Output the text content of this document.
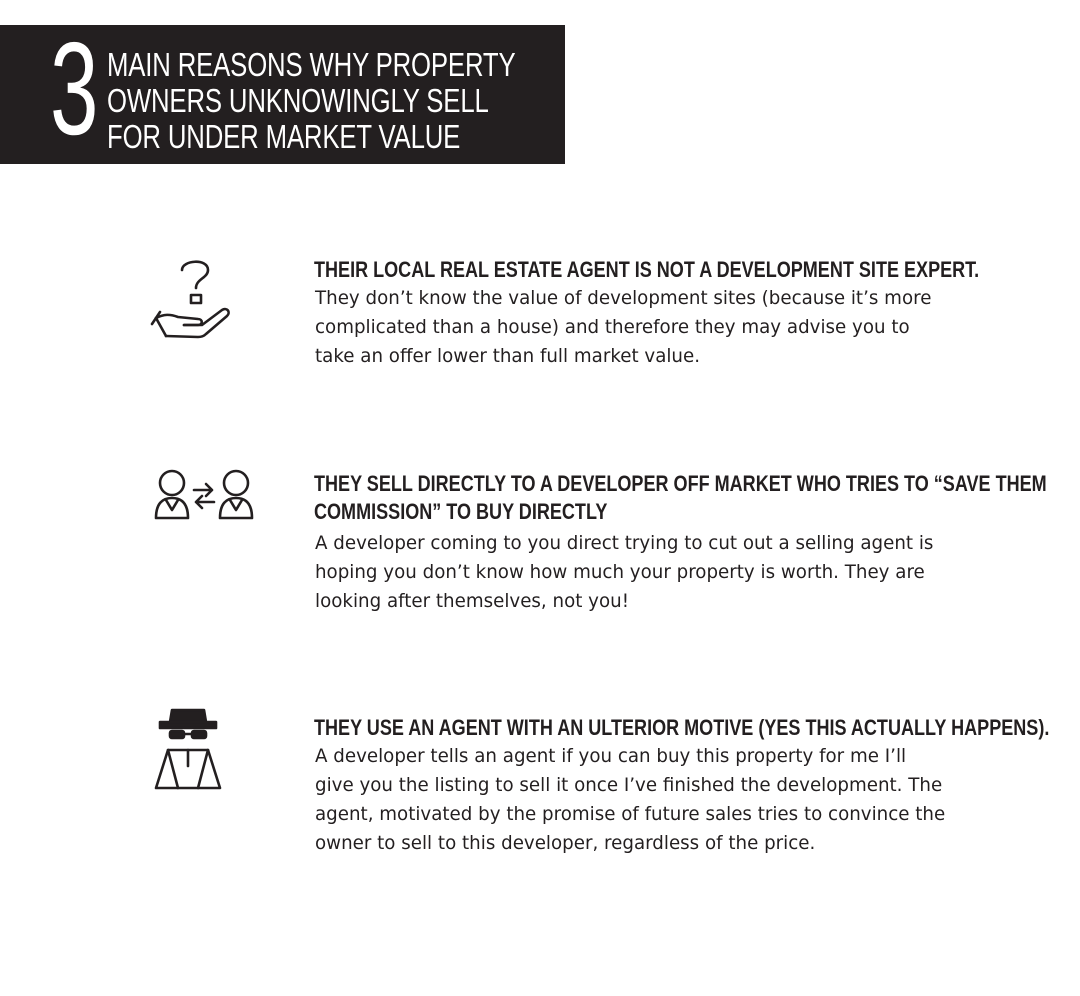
3 MAIN REASONS WHY PROPERTY
OWNERS UNKNOWINGLY SELL
FOR UNDER MARKET VALUE
THEIR LOCAL REAL ESTATE AGENT IS NOT A DEVELOPMENT SITE EXPERT.
They don’t know the value of development sites (because it’s more
complicated than a house) and therefore they may advise you to
take an offer lower than full market value.
THEY SELL DIRECTLY TO A DEVELOPER OFF MARKET WHO TRIES TO “SAVE THEM
COMMISSION” TO BUY DIRECTLY
A developer coming to you direct trying to cut out a selling agent is
hoping you don’t know how much your property is worth. They are
looking after themselves, not you!
THEY USE AN AGENT WITH AN ULTERIOR MOTIVE (YES THIS ACTUALLY HAPPENS).
A developer tells an agent if you can buy this property for me I’ll
give you the listing to sell it once I’ve finished the development. The
agent, motivated by the promise of future sales tries to convince the
owner to sell to this developer, regardless of the price.
